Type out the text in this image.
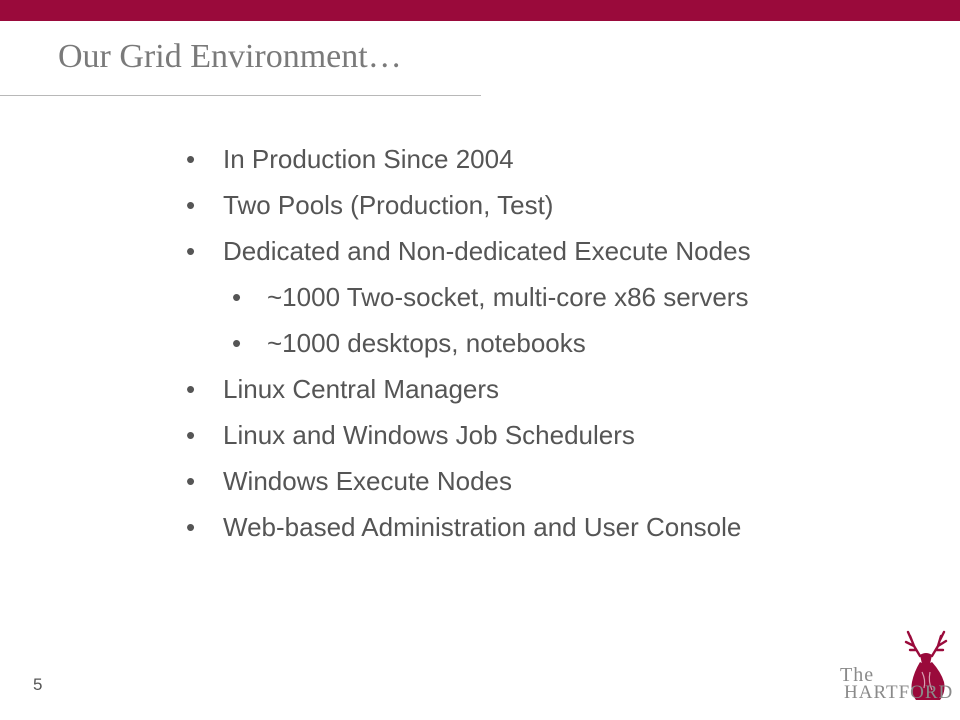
Our Grid Environment…
• In Production Since 2004
• Two Pools (Production, Test)
• Dedicated and Non-dedicated Execute Nodes
• ~1000 Two-socket, multi-core x86 servers
• ~1000 desktops, notebooks
• Linux Central Managers
• Linux and Windows Job Schedulers
• Windows Execute Nodes
• Web-based Administration and User Console
5	The
HARTFORD
